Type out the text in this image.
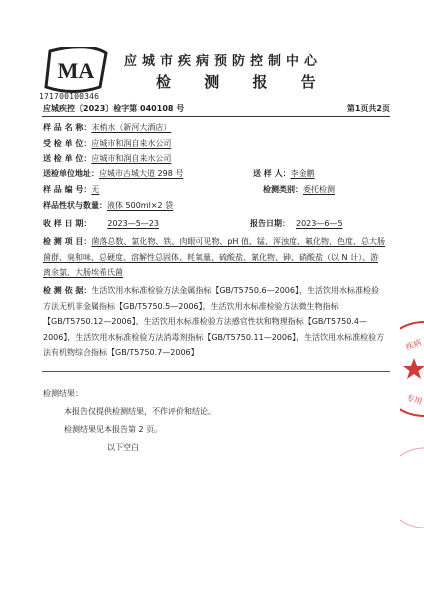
MA
171700100346
应城市疾病预防控制中心
检 测 报 告
应城疾控〔2023〕检字第 040108 号	第1页共2页
样 品 名 称：末梢水（新河大酒店）
受 检 单 位：应城市和润自来水公司
送 检 单 位：应城市和润自来水公司
送检单位地址：应城市古城大道 298 号	送 样 人：李金鹏
样 品 编 号：无	检测类别：委托检测
样品性状与数量：液体 500ml×2 袋
收 样 日 期： 2023—5—23	报告日期： 2023—6—5
检 测 项 目：菌落总数、氯化物、铁、肉眼可见物、pH 值、锰、浑浊度、氟化物、色度、总大肠菌群、臭和味、总硬度、溶解性总固体、耗氧量、硫酸盐、氰化物、砷、硝酸盐（以 N 计）、游离余氯、大肠埃希氏菌
检 测 依 据：生活饮用水标准检验方法金属指标【GB/T5750.6—2006】，生活饮用水标准检验方法无机非金属指标【GB/T5750.5—2006】，生活饮用水标准检验方法微生物指标【GB/T5750.12—2006】，生活饮用水标准检验方法感官性状和物理指标【GB/T5750.4—2006】，生活饮用水标准检验方法消毒剂指标【GB/T5750.11—2006】，生活饮用水标准检验方法有机物综合指标【GB/T5750.7—2006】
检测结果：
本报告仅提供检测结果，不作评价和结论。
检测结果见本报告第 2 页。
以下空白
疾病
专用
